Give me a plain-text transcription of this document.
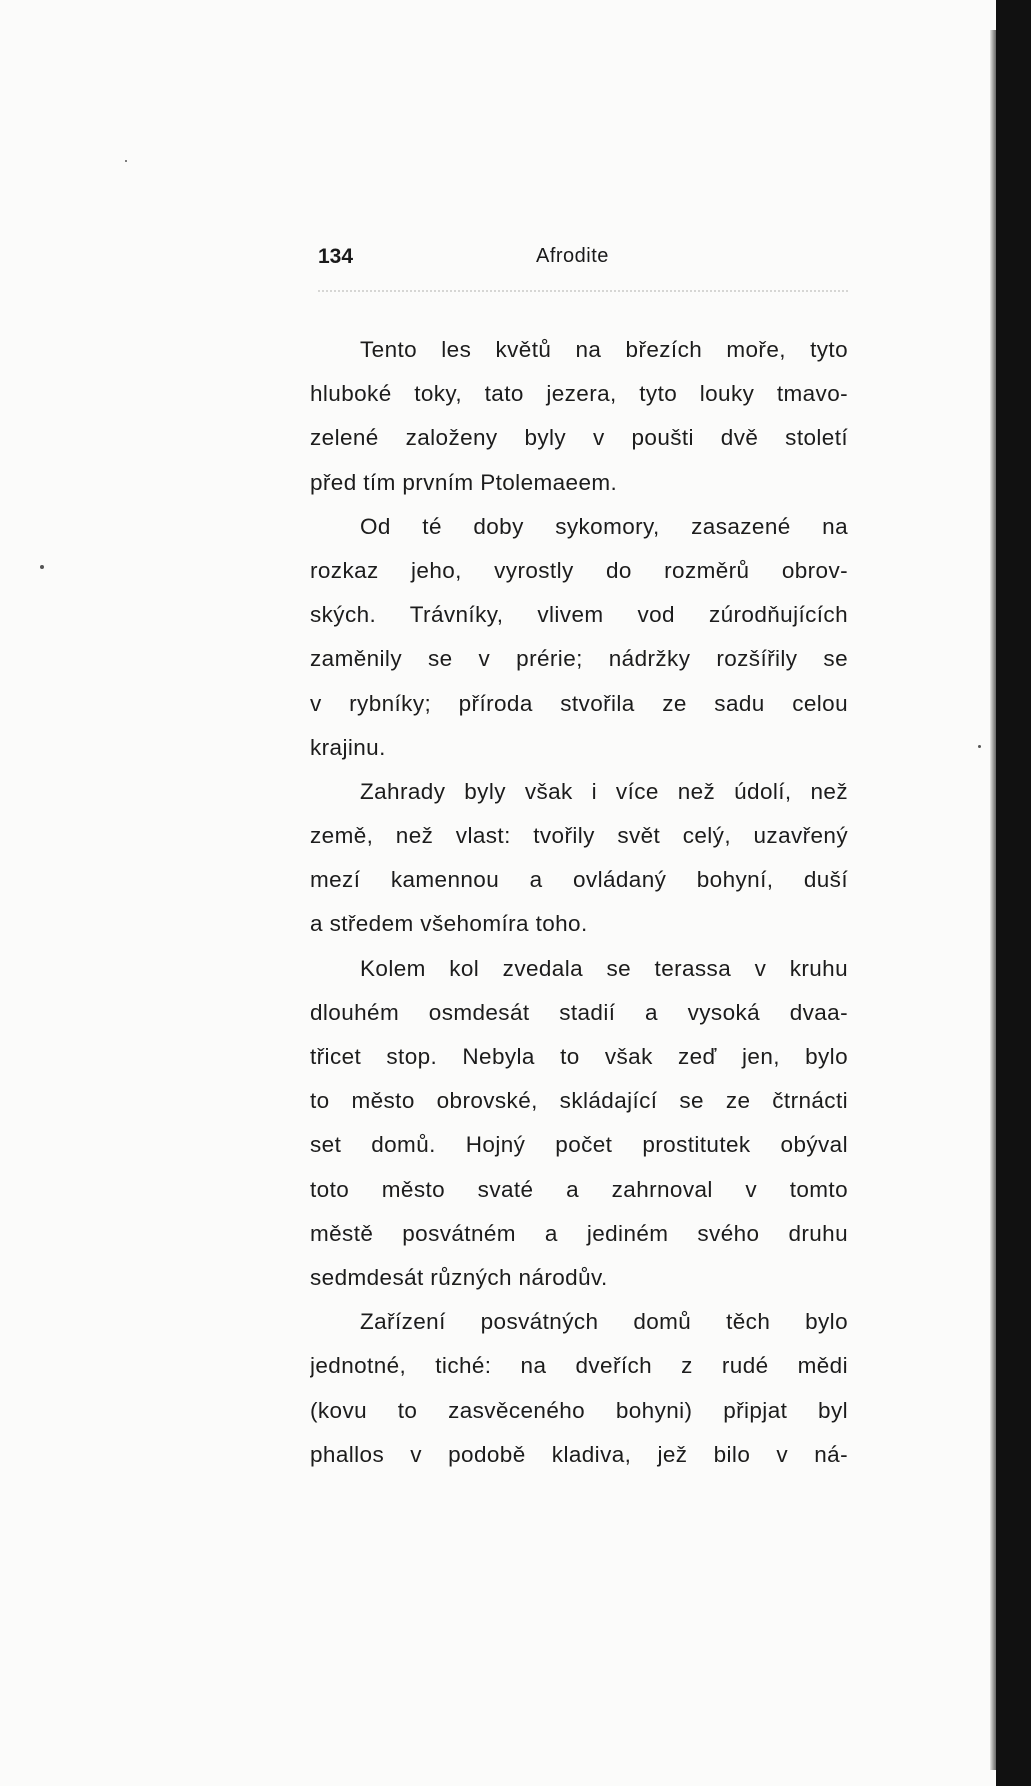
134	Afrodite
Tento les květů na březích moře, tyto
hluboké toky, tato jezera, tyto louky tmavo-
zelené založeny byly v poušti dvě století
před tím prvním Ptolemaeem.
Od té doby sykomory, zasazené na
rozkaz jeho, vyrostly do rozměrů obrov-
ských. Trávníky, vlivem vod zúrodňujících
zaměnily se v prérie; nádržky rozšířily se
v rybníky; příroda stvořila ze sadu celou
krajinu.
Zahrady byly však i více než údolí, než
země, než vlast: tvořily svět celý, uzavřený
mezí kamennou a ovládaný bohyní, duší
a středem všehomíra toho.
Kolem kol zvedala se terassa v kruhu
dlouhém osmdesát stadií a vysoká dvaa-
třicet stop. Nebyla to však zeď jen, bylo
to město obrovské, skládající se ze čtrnácti
set domů. Hojný počet prostitutek obýval
toto město svaté a zahrnoval v tomto
městě posvátném a jediném svého druhu
sedmdesát různých národův.
Zařízení posvátných domů těch bylo
jednotné, tiché: na dveřích z rudé mědi
(kovu to zasvěceného bohyni) připjat byl
phallos v podobě kladiva, jež bilo v ná-
